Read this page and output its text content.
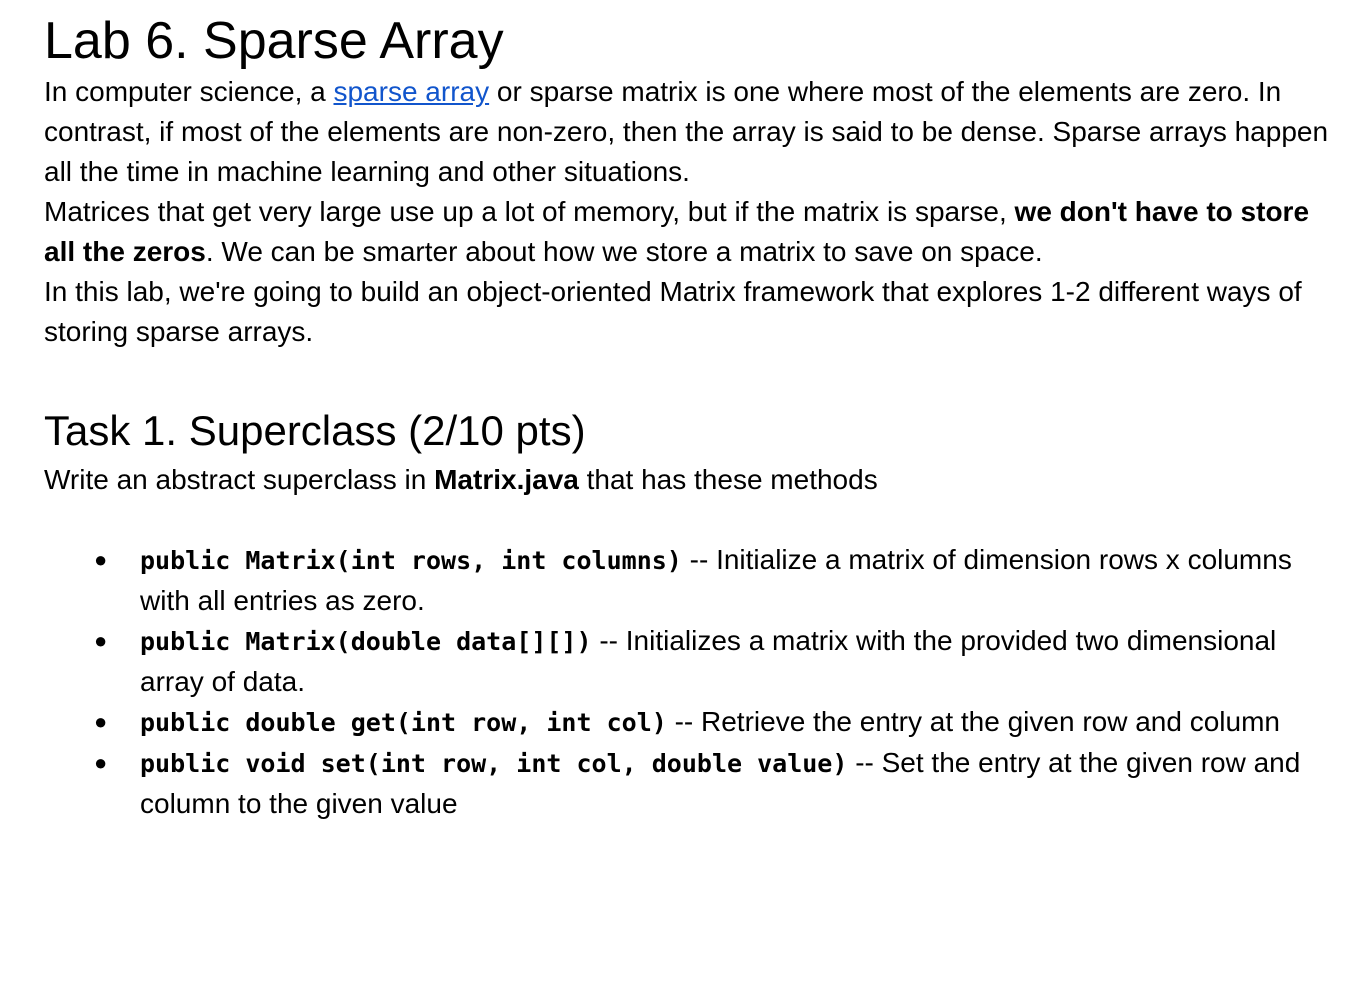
Lab 6. Sparse Array

In computer science, a sparse array or sparse matrix is one where most of the elements are zero. In contrast, if most of the elements are non-zero, then the array is said to be dense. Sparse arrays happen all the time in machine learning and other situations.

Matrices that get very large use up a lot of memory, but if the matrix is sparse, we don't have to store all the zeros. We can be smarter about how we store a matrix to save on space.

In this lab, we're going to build an object-oriented Matrix framework that explores 1-2 different ways of storing sparse arrays.

Task 1. Superclass (2/10 pts)

Write an abstract superclass in Matrix.java that has these methods

● public Matrix(int rows, int columns) -- Initialize a matrix of dimension rows x columns with all entries as zero.
● public Matrix(double data[][]) -- Initializes a matrix with the provided two dimensional array of data.
● public double get(int row, int col) -- Retrieve the entry at the given row and column
● public void set(int row, int col, double value) -- Set the entry at the given row and column to the given value
